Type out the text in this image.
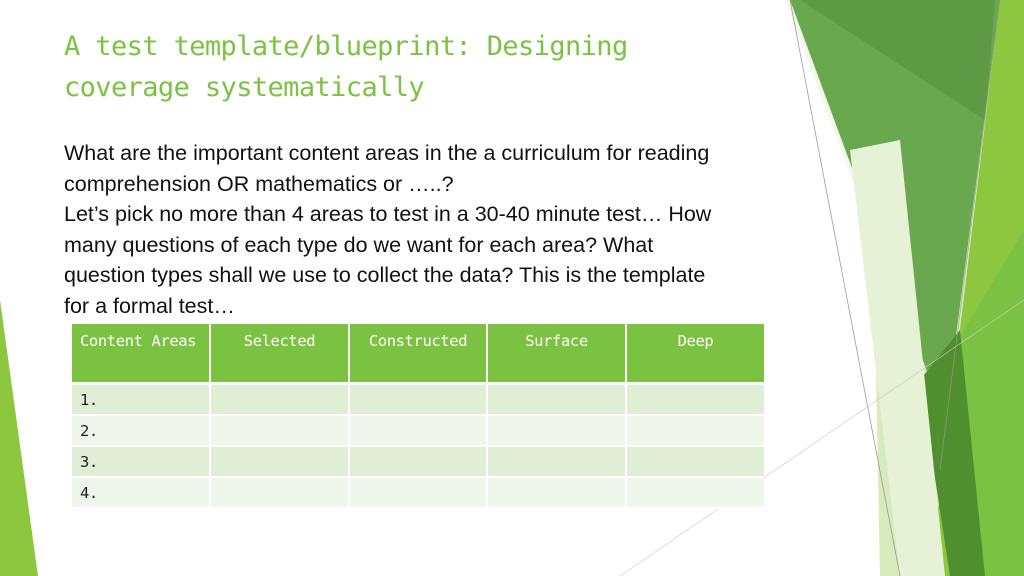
A test template/blueprint: Designing
coverage systematically
What are the important content areas in the a curriculum for reading
comprehension OR mathematics or …..?
Let’s pick no more than 4 areas to test in a 30-40 minute test… How
many questions of each type do we want for each area? What
question types shall we use to collect the data? This is the template
for a formal test…
Content Areas	Selected	Constructed	Surface	Deep
1.				
2.				
3.				
4.				
